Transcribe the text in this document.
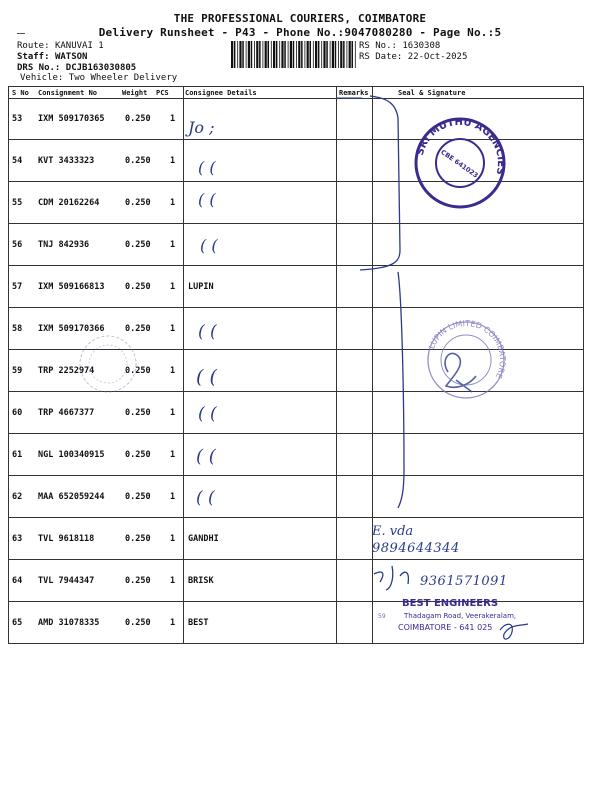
THE PROFESSIONAL COURIERS, COIMBATORE
Delivery Runsheet - P43 - Phone No.:9047080280 - Page No.:5
Route: KANUVAI 1
Staff: WATSON
DRS No.: DCJB163030805
Vehicle: Two Wheeler Delivery
RS No.: 1630308
RS Date: 22-Oct-2025
S No Consignment No	Weight PCS Consignee Details	Remarks	Seal & Signature
53 IXM 509170365 0.250 1
54 KVT 3433323	0.250 1
55 CDM 20162264	0.250 1
56 TNJ 842936	0.250 1
57 IXM 509166813 0.250 1 LUPIN
58 IXM 509170366 0.250 1
59 TRP 2252974	0.250 1
60 TRP 4667377	0.250 1
61 NGL 100340915 0.250 1
62 MAA 652059244 0.250 1
63 TVL 9618118	0.250 1 GANDHI
64 TVL 7944347	0.250 1 BRISK
65 AMD 31078335	0.250 1 BEST
Jo ;
( (
( (
( (
( (
( (
( (
( (
( (
E. vda
9894644344
9361571091
SRI MUTHU AGENCIES
CBE 641023
LUPIN LIMITED COIMBATORE
BEST ENGINEERS
Thadagam Road, Veerakeralam,
COIMBATORE - 641 025
59
